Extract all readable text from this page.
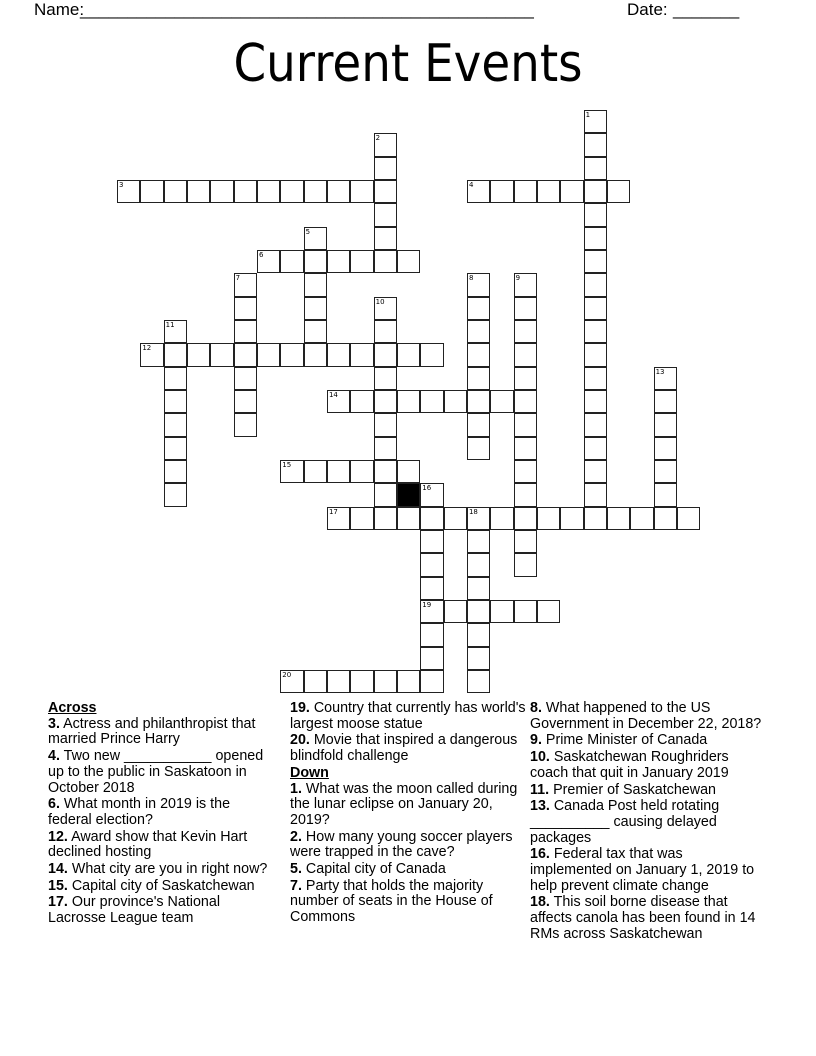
Name:
________________________________________________	Date: _______
Current Events
1
2
3	4
5
6
7	8	9
10
11
12
13
14
15
16
19
17	18
20
Across
3. Actress and philanthropist that married Prince Harry
4. Two new ___________ opened up to the public in Saskatoon in October 2018
6. What month in 2019 is the federal election?
12. Award show that Kevin Hart declined hosting
14. What city are you in right now?
15. Capital city of Saskatchewan
17. Our province's National Lacrosse League team
19. Country that currently has world's largest moose statue
20. Movie that inspired a dangerous blindfold challenge
Down
1. What was the moon called during the lunar eclipse on January 20, 2019?
2. How many young soccer players were trapped in the cave?
5. Capital city of Canada
7. Party that holds the majority number of seats in the House of Commons
8. What happened to the US Government in December 22, 2018?
9. Prime Minister of Canada
10. Saskatchewan Roughriders coach that quit in January 2019
11. Premier of Saskatchewan
13. Canada Post held rotating __________ causing delayed packages
16. Federal tax that was implemented on January 1, 2019 to help prevent climate change
18. This soil borne disease that affects canola has been found in 14 RMs across Saskatchewan
